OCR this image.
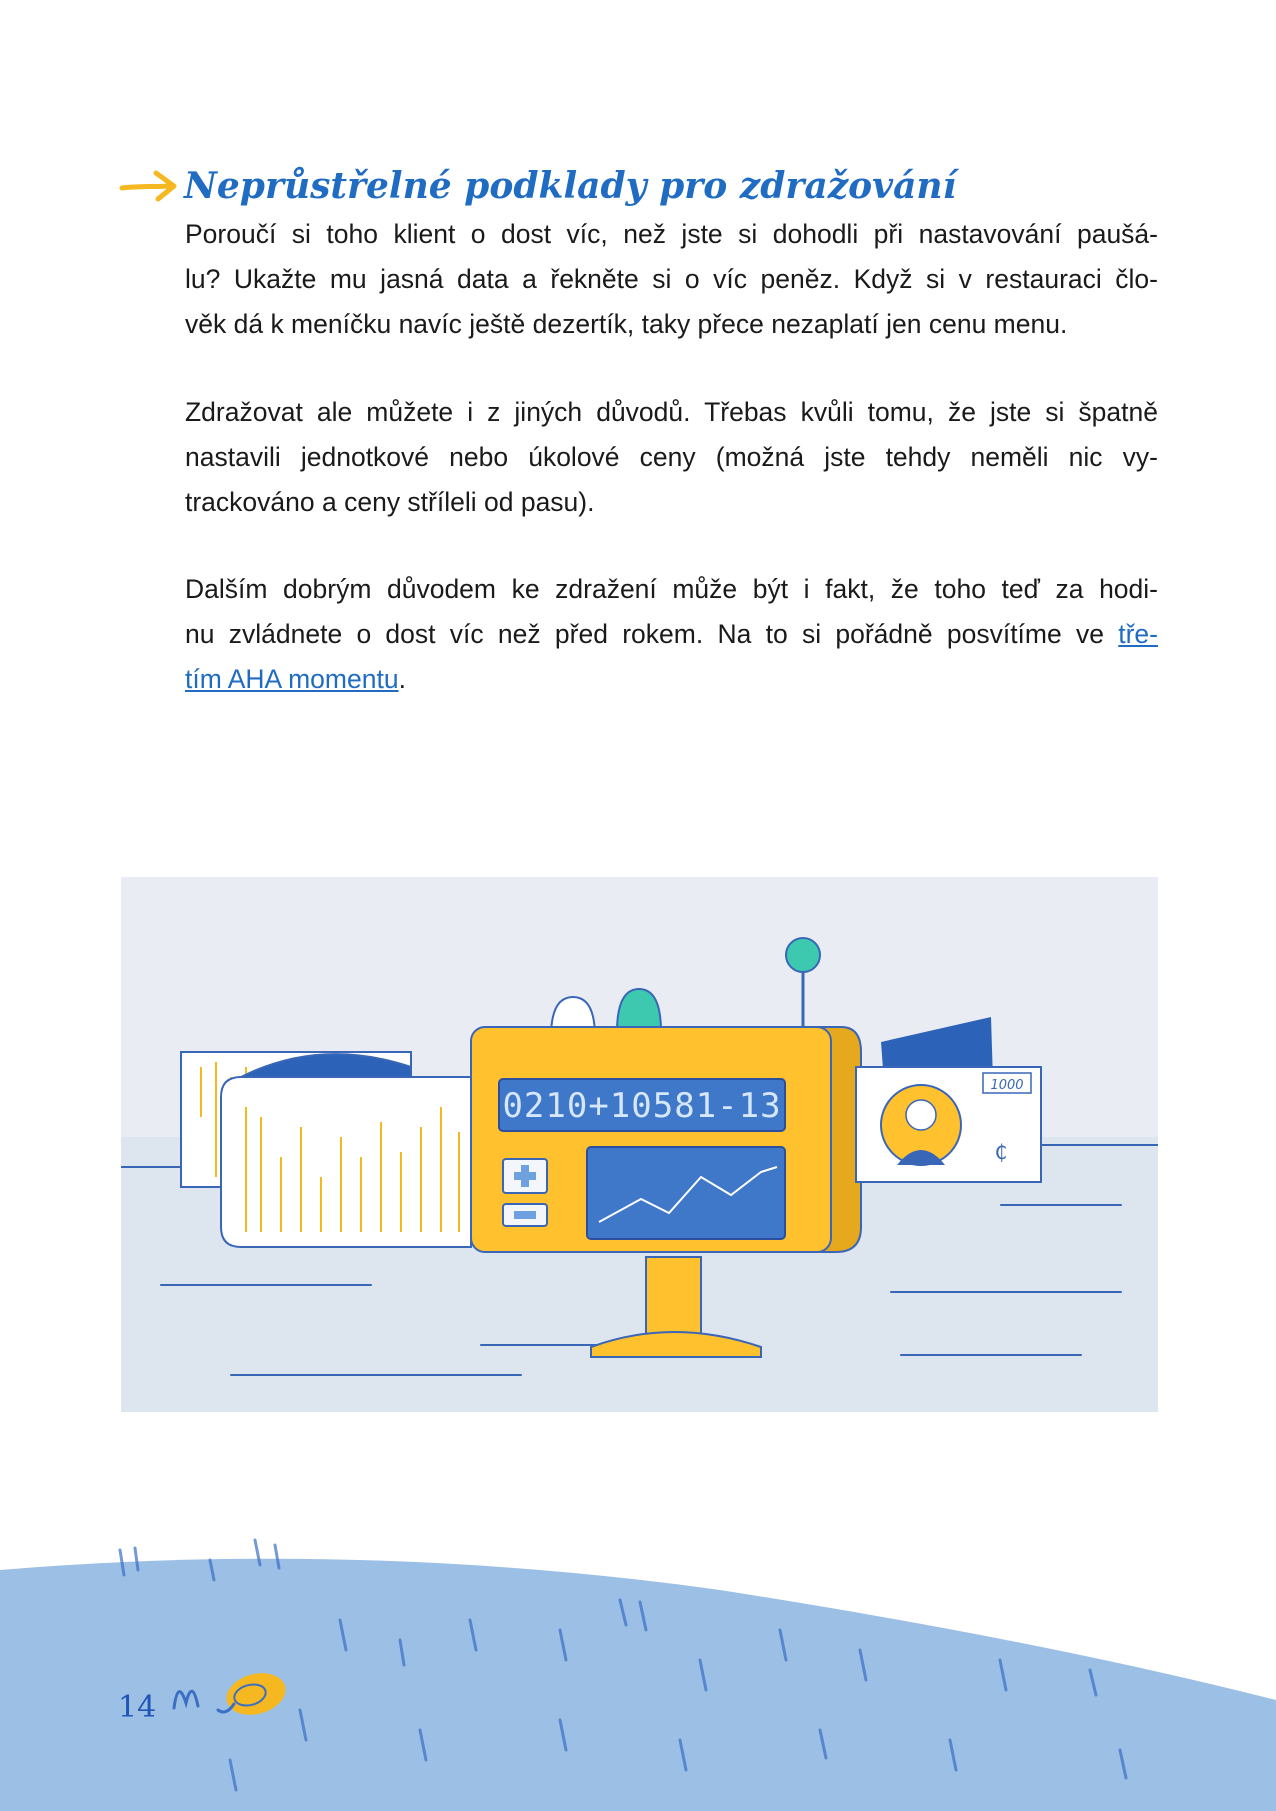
Neprůstřelné podklady pro zdražování

Poroučí si toho klient o dost víc, než jste si dohodli při nastavování paušá-
lu? Ukažte mu jasná data a řekněte si o víc peněz. Když si v restauraci člo-
věk dá k meníčku navíc ještě dezertík, taky přece nezaplatí jen cenu menu.

Zdražovat ale můžete i z jiných důvodů. Třebas kvůli tomu, že jste si špatně
nastavili jednotkové nebo úkolové ceny (možná jste tehdy neměli nic vy-
trackováno a ceny stříleli od pasu).

Dalším dobrým důvodem ke zdražení může být i fakt, že toho teď za hodi-
nu zvládnete o dost víc než před rokem. Na to si pořádně posvítíme ve tře-
tím AHA momentu.

0210+10581-13
1000
₵
14
